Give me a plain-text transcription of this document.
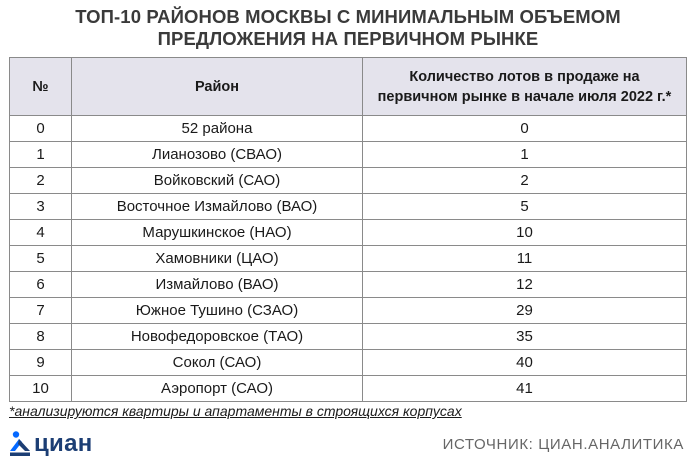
ТОП-10 РАЙОНОВ МОСКВЫ С МИНИМАЛЬНЫМ ОБЪЕМОМ
ПРЕДЛОЖЕНИЯ НА ПЕРВИЧНОМ РЫНКЕ
№	Район	Количество лотов в продаже на первичном рынке в начале июля 2022 г.*

0	52 района	0
1	Лианозово (СВАО)	1
2	Войковский (САО)	2
3	Восточное Измайлово (ВАО)	5
4	Марушкинское (НАО)	10
5	Хамовники (ЦАО)	11
6	Измайлово (ВАО)	12
7	Южное Тушино (СЗАО)	29
8	Новофедоровское (ТАО)	35
9	Сокол (САО)	40
10	Аэропорт (САО)	41
*анализируются квартиры и апартаменты в строящихся корпусах
циан	ИСТОЧНИК: ЦИАН.АНАЛИТИКА
